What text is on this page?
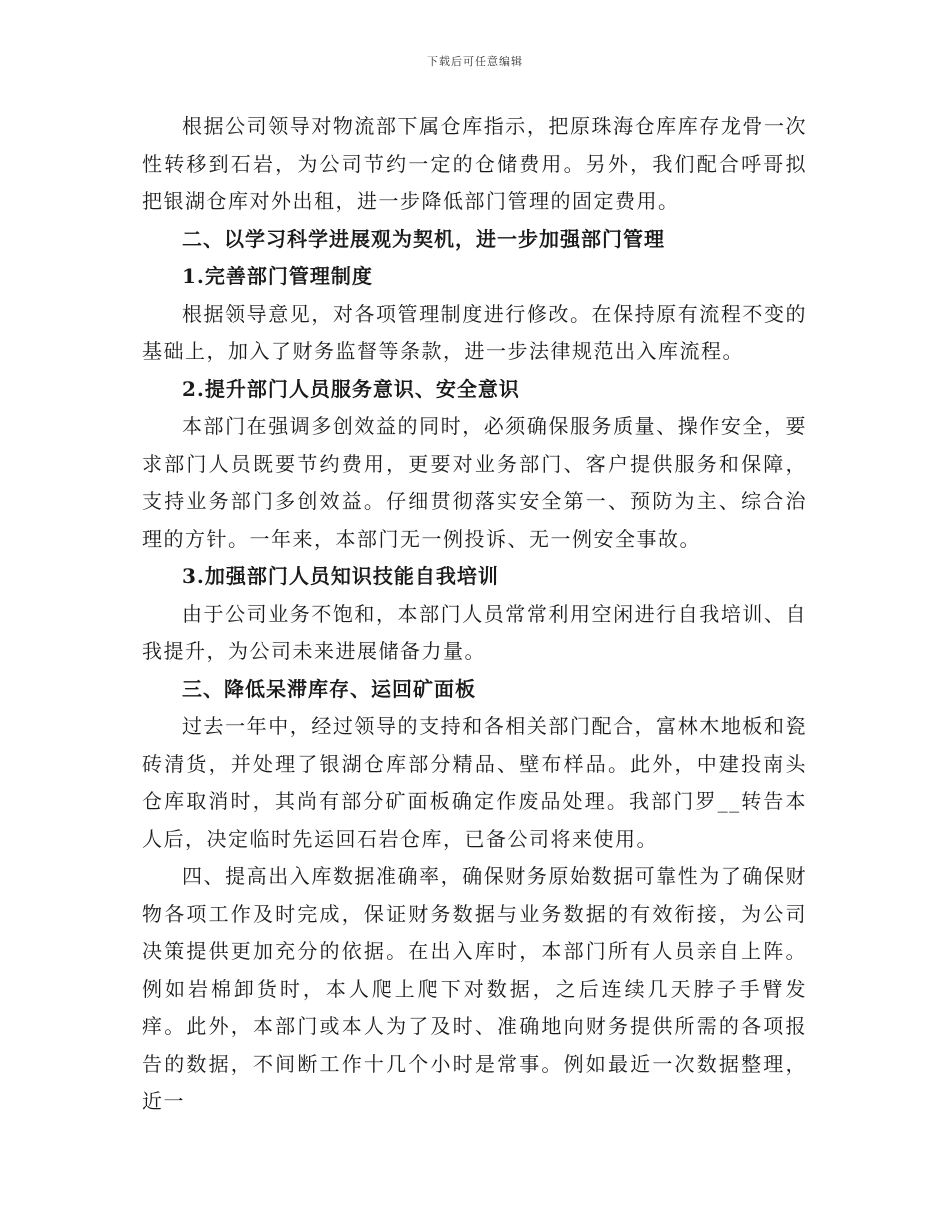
下载后可任意编辑

根据公司领导对物流部下属仓库指示，把原珠海仓库库存龙骨一次性转移到石岩，为公司节约一定的仓储费用。另外，我们配合呼哥拟把银湖仓库对外出租，进一步降低部门管理的固定费用。

二、以学习科学进展观为契机，进一步加强部门管理

1.完善部门管理制度

根据领导意见，对各项管理制度进行修改。在保持原有流程不变的基础上，加入了财务监督等条款，进一步法律规范出入库流程。

2.提升部门人员服务意识、安全意识

本部门在强调多创效益的同时，必须确保服务质量、操作安全，要求部门人员既要节约费用，更要对业务部门、客户提供服务和保障，支持业务部门多创效益。仔细贯彻落实安全第一、预防为主、综合治理的方针。一年来，本部门无一例投诉、无一例安全事故。

3.加强部门人员知识技能自我培训

由于公司业务不饱和，本部门人员常常利用空闲进行自我培训、自我提升，为公司未来进展储备力量。

三、降低呆滞库存、运回矿面板

过去一年中，经过领导的支持和各相关部门配合，富林木地板和瓷砖清货，并处理了银湖仓库部分精品、壁布样品。此外，中建投南头仓库取消时，其尚有部分矿面板确定作废品处理。我部门罗__转告本人后，决定临时先运回石岩仓库，已备公司将来使用。

四、提高出入库数据准确率，确保财务原始数据可靠性为了确保财物各项工作及时完成，保证财务数据与业务数据的有效衔接，为公司决策提供更加充分的依据。在出入库时，本部门所有人员亲自上阵。例如岩棉卸货时，本人爬上爬下对数据，之后连续几天脖子手臂发痒。此外，本部门或本人为了及时、准确地向财务提供所需的各项报告的数据，不间断工作十几个小时是常事。例如最近一次数据整理，近一
